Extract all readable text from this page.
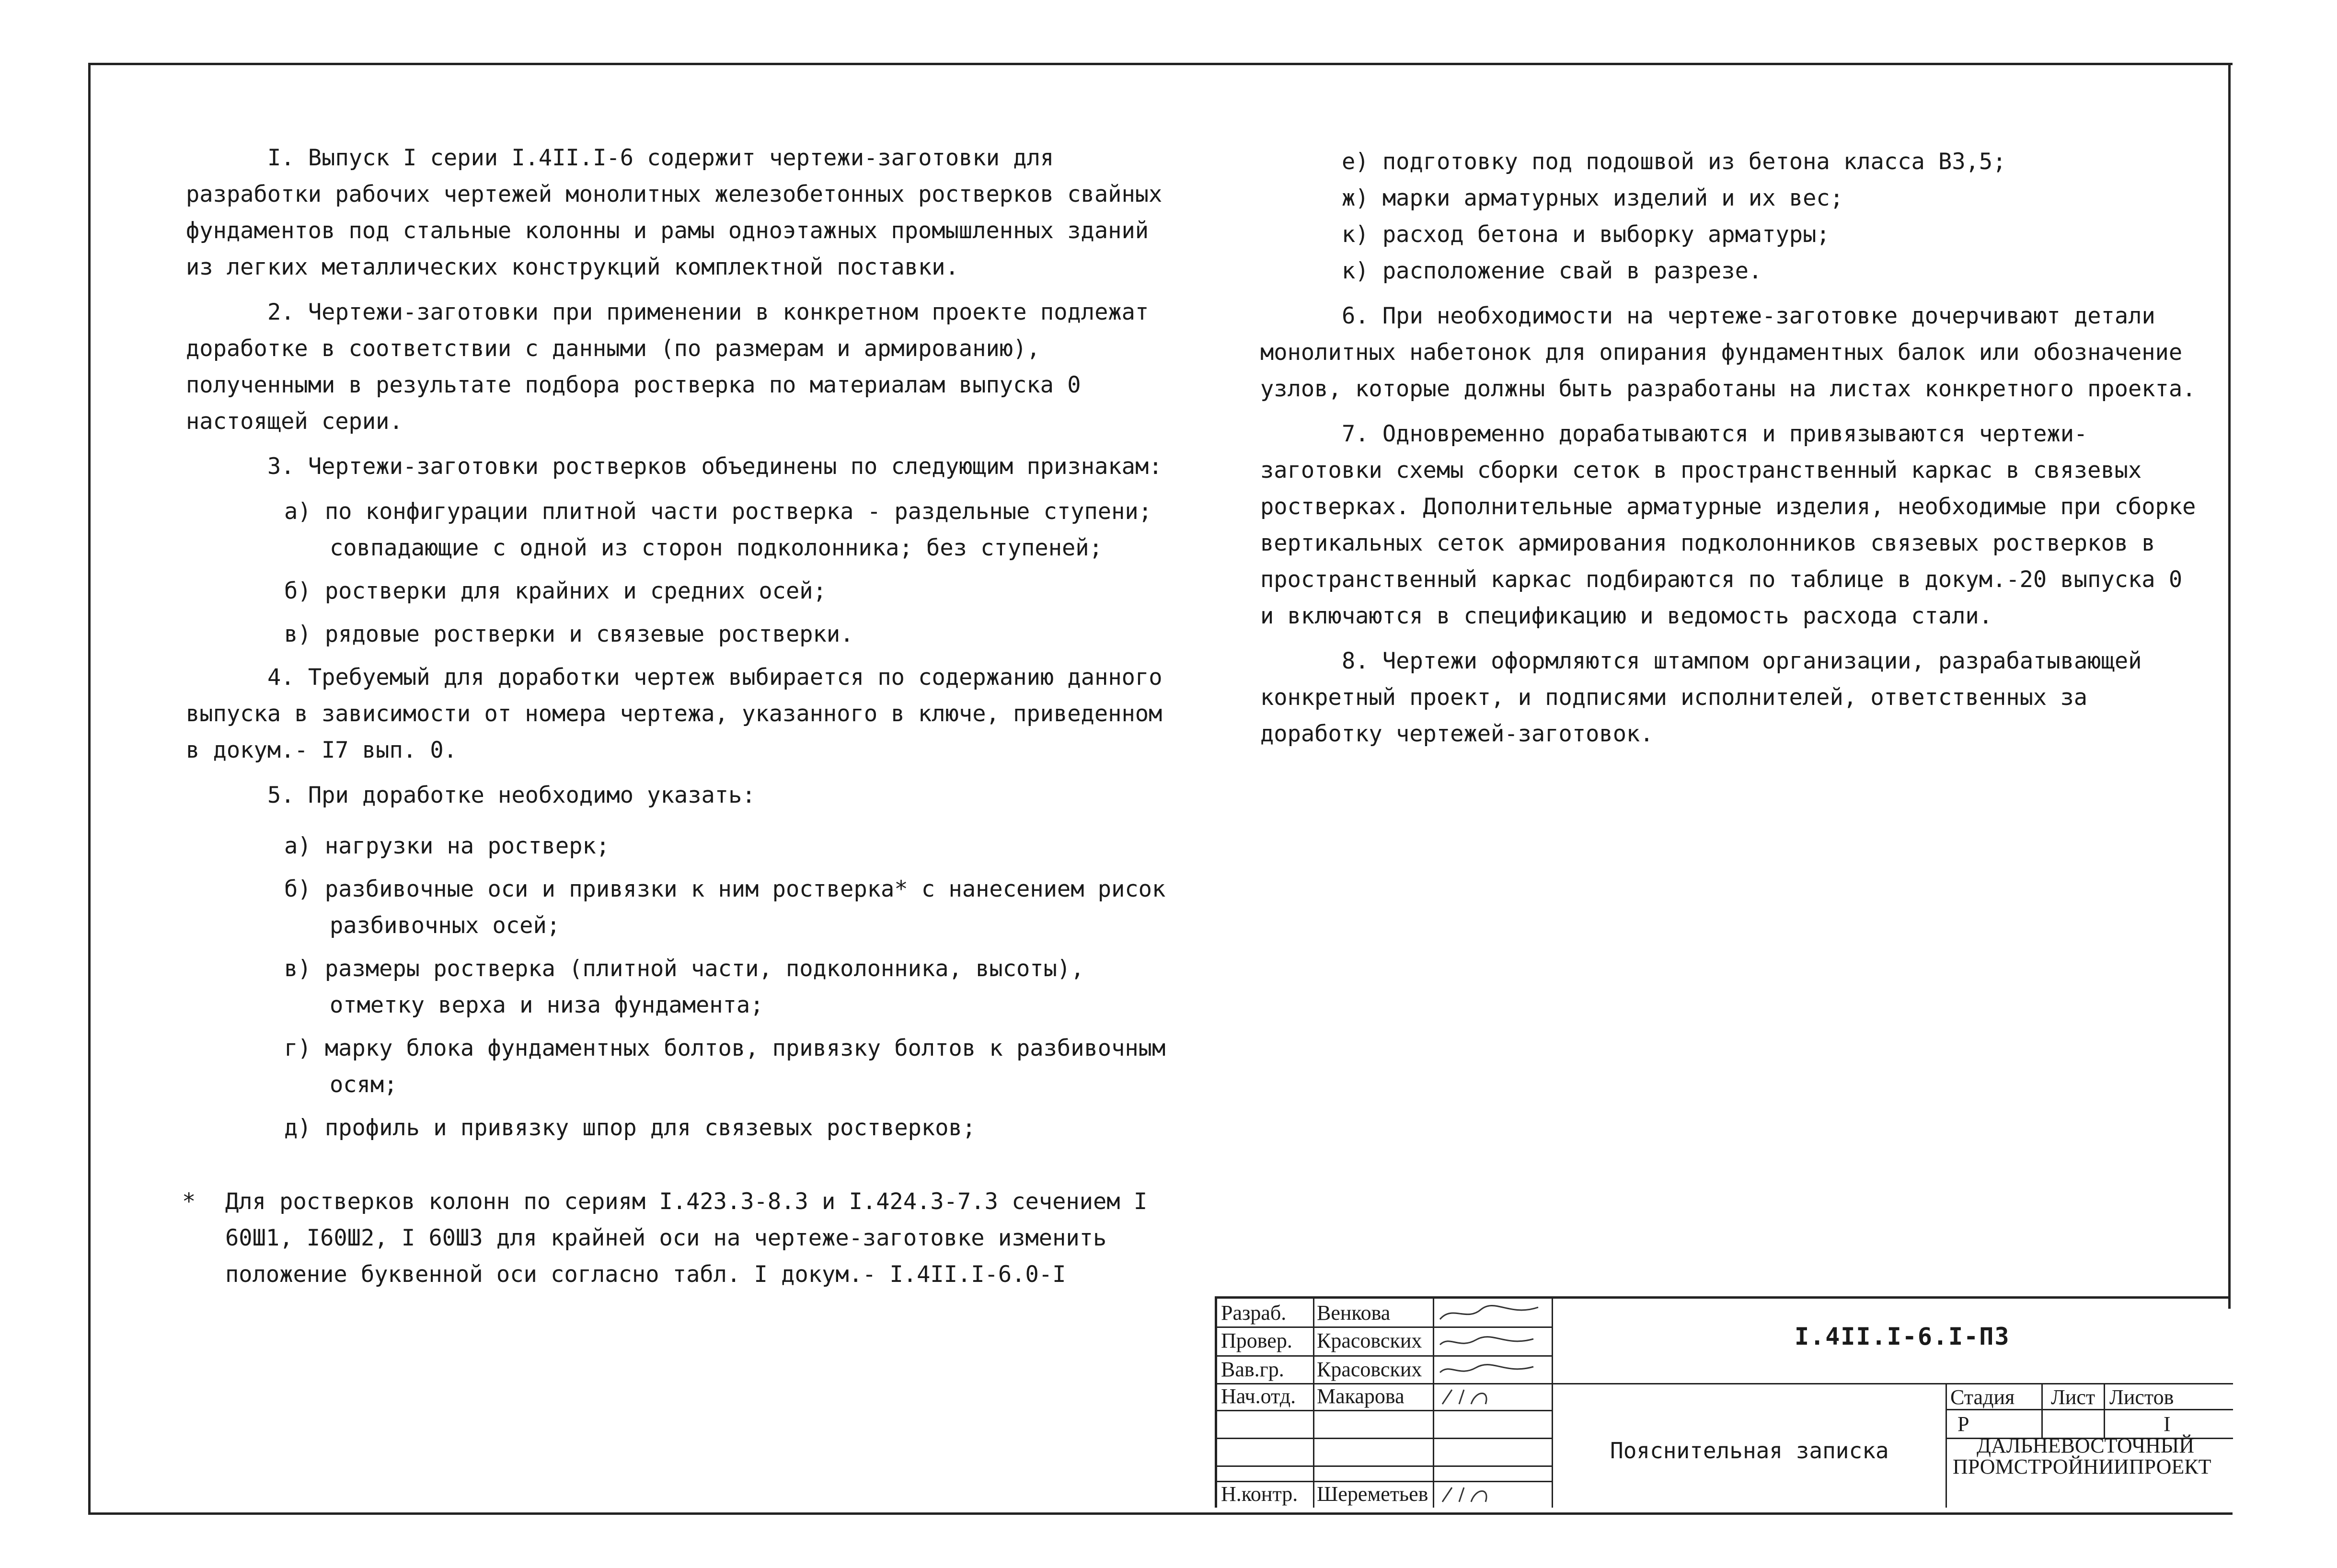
I. Выпуск I серии I.4II.I-6 содержит чертежи-заготовки для разработки рабочих чертежей монолитных железобетонных ростверков свайных фундаментов под стальные колонны и рамы одноэтажных промышленных зданий из легких металлических конструкций комплектной поставки.

2. Чертежи-заготовки при применении в конкретном проекте подлежат доработке в соответствии с данными (по размерам и армированию), полученными в результате подбора ростверка по материалам выпуска 0 настоящей серии.

3. Чертежи-заготовки ростверков объединены по следующим признакам:

а) по конфигурации плитной части ростверка - раздельные ступени; совпадающие с одной из сторон подколонника; без ступеней;

б) ростверки для крайних и средних осей;

в) рядовые ростверки и связевые ростверки.

4. Требуемый для доработки чертеж выбирается по содержанию данного выпуска в зависимости от номера чертежа, указанного в ключе, приведенном в докум.- I7 вып. 0.

5. При доработке необходимо указать:

а) нагрузки на ростверк;

б) разбивочные оси и привязки к ним ростверка* с нанесением рисок разбивочных осей;

в) размеры ростверка (плитной части, подколонника, высоты), отметку верха и низа фундамента;

г) марку блока фундаментных болтов, привязку болтов к разбивочным осям;

д) профиль и привязку шпор для связевых ростверков;

е) подготовку под подошвой из бетона класса В3,5;

ж) марки арматурных изделий и их вес;

к) расход бетона и выборку арматуры;

к) расположение свай в разрезе.

6. При необходимости на чертеже-заготовке дочерчивают детали монолитных набетонок для опирания фундаментных балок или обозначение узлов, которые должны быть разработаны на листах конкретного проекта.

7. Одновременно дорабатываются и привязываются чертежи-заготовки схемы сборки сеток в пространственный каркас в связевых ростверках. Дополнительные арматурные изделия, необходимые при сборке вертикальных сеток армирования подколонников связевых ростверков в пространственный каркас подбираются по таблице в докум.-20 выпуска 0 и включаются в спецификацию и ведомость расхода стали.

8. Чертежи оформляются штампом организации, разрабатывающей конкретный проект, и подписями исполнителей, ответственных за доработку чертежей-заготовок.

*	Для ростверков колонн по сериям I.423.3-8.3 и I.424.3-7.3 сечением I 60Ш1, I60Ш2, I 60Ш3 для крайней оси на чертеже-заготовке изменить положение буквенной оси согласно табл. I докум.- I.4II.I-6.0-I
Разраб.
Провер.
Вав.гр.
Нач.отд.
Н.контр.
Венкова
Красовских
Красовских
Макарова
Шереметьев
I.4II.I-6.I-ПЗ
Пояснительная записка
Стадия Лист Листов
Р	I
ДАЛЬНЕВОСТОЧНЫЙ
ПРОМСТРОЙНИИПРОЕКТ
